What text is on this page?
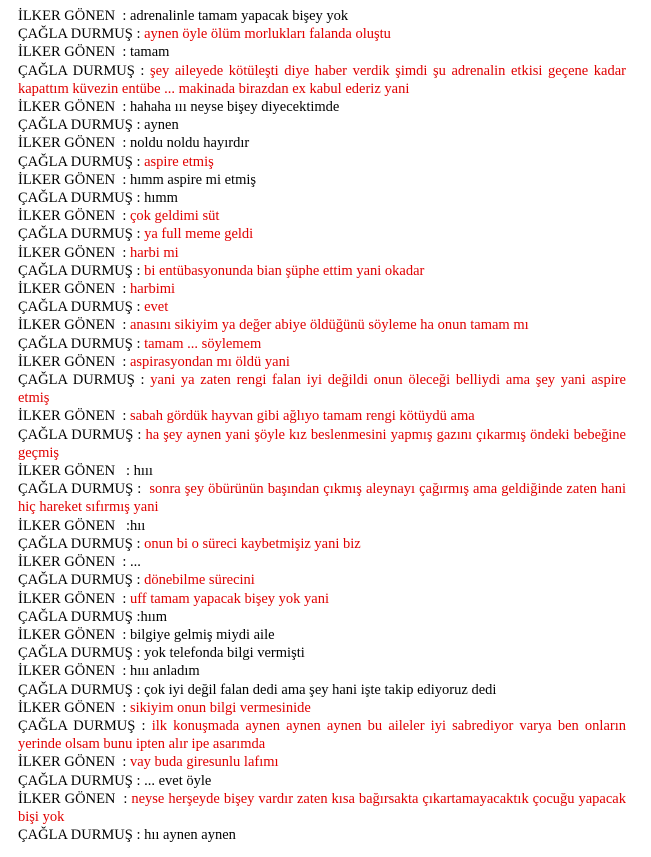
İLKER GÖNEN  : adrenalinle tamam yapacak bişey yok

ÇAĞLA DURMUŞ : aynen öyle ölüm morlukları falanda oluştu

İLKER GÖNEN  : tamam

ÇAĞLA DURMUŞ : şey aileyede kötüleşti diye haber verdik şimdi şu adrenalin etkisi geçene kadar kapattım küvezin entübe ... makinada birazdan ex kabul ederiz yani

İLKER GÖNEN  : hahaha ııı neyse bişey diyecektimde

ÇAĞLA DURMUŞ : aynen

İLKER GÖNEN  : noldu noldu hayırdır

ÇAĞLA DURMUŞ : aspire etmiş

İLKER GÖNEN  : hımm aspire mi etmiş

ÇAĞLA DURMUŞ : hımm

İLKER GÖNEN  : çok geldimi süt

ÇAĞLA DURMUŞ : ya full meme geldi

İLKER GÖNEN  : harbi mi

ÇAĞLA DURMUŞ : bi entübasyonunda bian şüphe ettim yani okadar

İLKER GÖNEN  : harbimi

ÇAĞLA DURMUŞ : evet

İLKER GÖNEN  : anasını sikiyim ya değer abiye öldüğünü söyleme ha onun tamam mı

ÇAĞLA DURMUŞ : tamam ... söylemem

İLKER GÖNEN  : aspirasyondan mı öldü yani

ÇAĞLA DURMUŞ : yani ya zaten rengi falan iyi değildi onun öleceği belliydi ama şey yani aspire etmiş

İLKER GÖNEN  : sabah gördük hayvan gibi ağlıyo tamam rengi kötüydü ama

ÇAĞLA DURMUŞ : ha şey aynen yani şöyle kız beslenmesini yapmış gazını çıkarmış öndeki bebeğine geçmiş

İLKER GÖNEN   : hııı

ÇAĞLA DURMUŞ :  sonra şey öbürünün başından çıkmış aleynayı çağırmış ama geldiğinde zaten hani hiç hareket sıfırmış yani

İLKER GÖNEN   :hıı

ÇAĞLA DURMUŞ : onun bi o süreci kaybetmişiz yani biz

İLKER GÖNEN  : ...

ÇAĞLA DURMUŞ : dönebilme sürecini

İLKER GÖNEN  : uff tamam yapacak bişey yok yani

ÇAĞLA DURMUŞ :hıım

İLKER GÖNEN  : bilgiye gelmiş miydi aile

ÇAĞLA DURMUŞ : yok telefonda bilgi vermişti

İLKER GÖNEN  : hııı anladım

ÇAĞLA DURMUŞ : çok iyi değil falan dedi ama şey hani işte takip ediyoruz dedi

İLKER GÖNEN  : sikiyim onun bilgi vermesinide

ÇAĞLA DURMUŞ : ilk konuşmada aynen aynen aynen bu aileler iyi sabrediyor varya ben onların yerinde olsam bunu ipten alır ipe asarımda

İLKER GÖNEN  : vay buda giresunlu lafımı

ÇAĞLA DURMUŞ : ... evet öyle

İLKER GÖNEN  : neyse herşeyde bişey vardır zaten kısa bağırsakta çıkartamayacaktık çocuğu yapacak bişi yok

ÇAĞLA DURMUŞ : hıı aynen aynen
